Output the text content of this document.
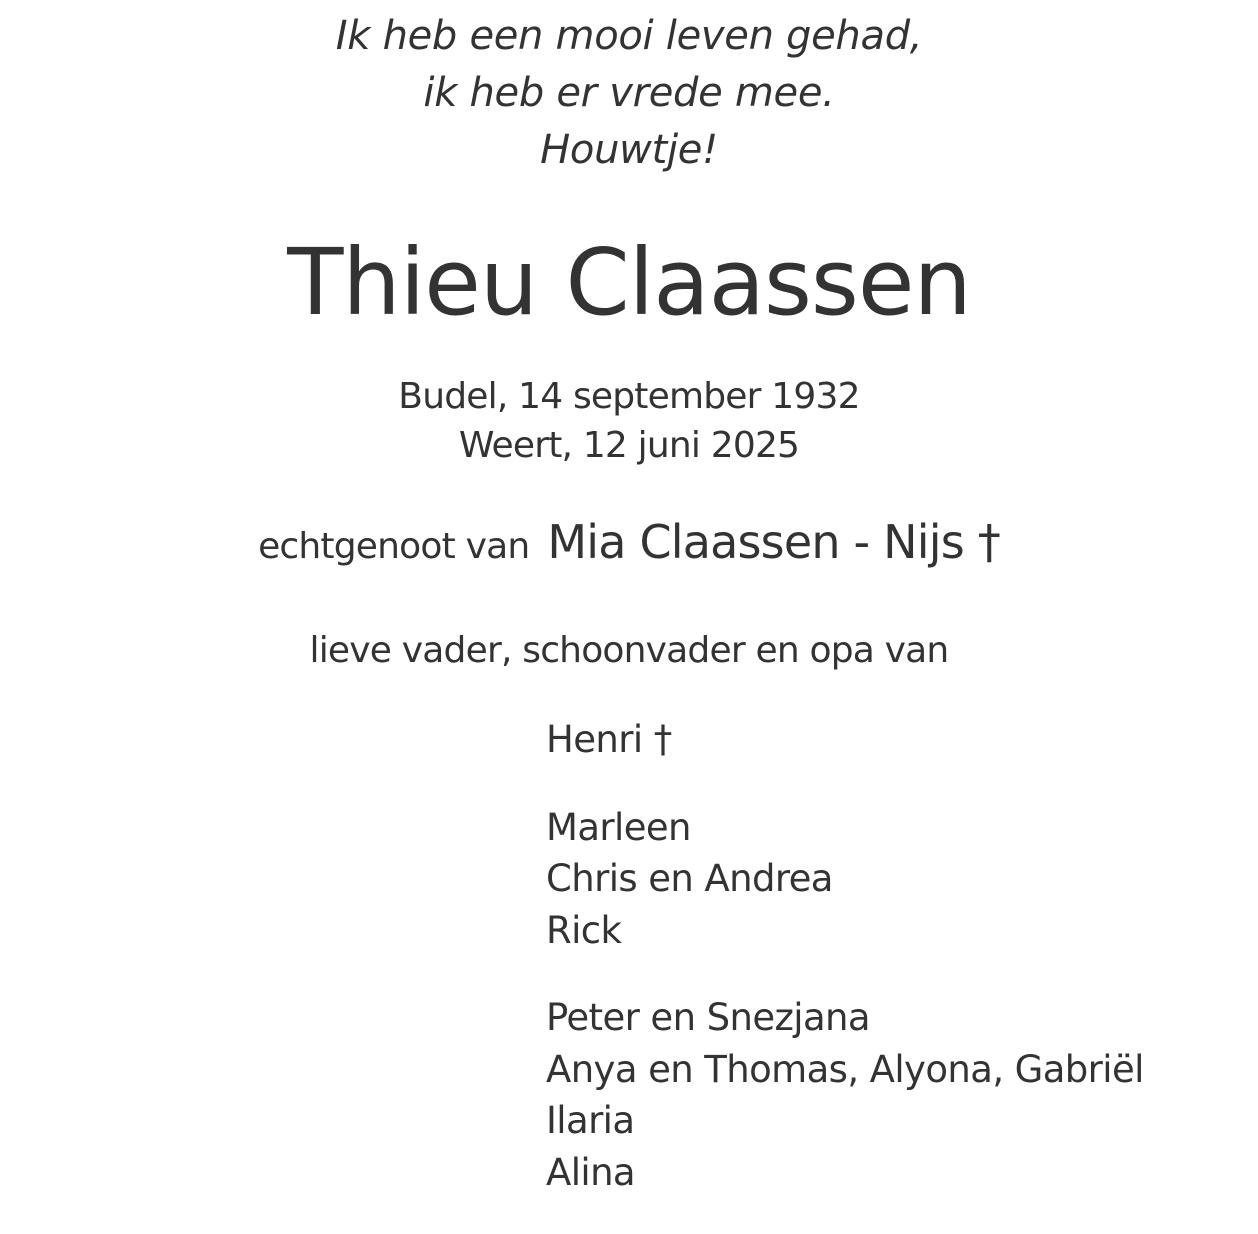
Ik heb een mooi leven gehad,
ik heb er vrede mee.
Houwtje!
Thieu Claassen
Budel, 14 september 1932
Weert, 12 juni 2025
echtgenoot van Mia Claassen - Nijs †
lieve vader, schoonvader en opa van
Henri †
Marleen
Chris en Andrea
Rick
Peter en Snezjana
Anya en Thomas, Alyona, Gabriël
Ilaria
Alina
